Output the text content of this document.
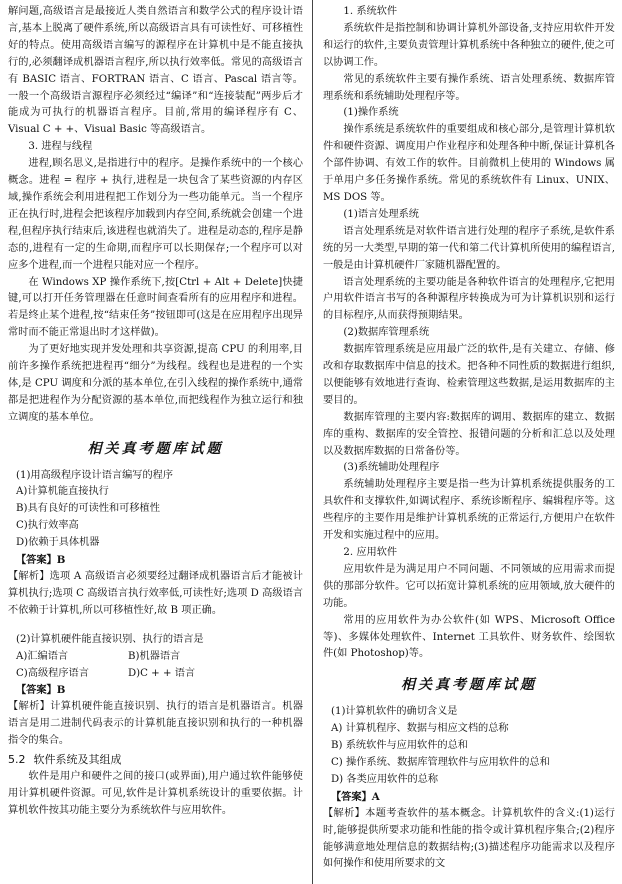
解问题,高级语言是最接近人类自然语言和数学公式的程序设计语言,基本上脱离了硬件系统,所以高级语言具有可读性好、可移植性好的特点。使用高级语言编写的源程序在计算机中是不能直接执行的,必须翻译成机器语言程序,所以执行效率低。常见的高级语言有 BASIC 语言、FORTRAN 语言、C 语言、Pascal 语言等。一般一个高级语言源程序必须经过“编译”和“连接装配”两步后才能成为可执行的机器语言程序。目前,常用的编译程序有 C、Visual C + +、Visual Basic 等高级语言。

3. 进程与线程

进程,顾名思义,是指进行中的程序。是操作系统中的一个核心概念。进程 = 程序 + 执行,进程是一块包含了某些资源的内存区域,操作系统会利用进程把工作划分为一些功能单元。当一个程序正在执行时,进程会把该程序加载到内存空间,系统就会创建一个进程,但程序执行结束后,该进程也就消失了。进程是动态的,程序是静态的,进程有一定的生命期,而程序可以长期保存;一个程序可以对应多个进程,而一个进程只能对应一个程序。

在 Windows XP 操作系统下,按[Ctrl + Alt + Delete]快捷键,可以打开任务管理器在任意时间查看所有的应用程序和进程。若是终止某个进程,按“结束任务”按钮即可(这是在应用程序出现异常时而不能正常退出时才这样做)。

为了更好地实现并发处理和共享资源,提高 CPU 的利用率,目前许多操作系统把进程再“细分”为线程。线程也是进程的一个实体,是 CPU 调度和分派的基本单位,在引入线程的操作系统中,通常都是把进程作为分配资源的基本单位,而把线程作为独立运行和独立调度的基本单位。

相关真考题库试题

(1)用高级程序设计语言编写的程序

A)计算机能直接执行

B)具有良好的可读性和可移植性

C)执行效率高

D)依赖于具体机器

【答案】B

【解析】选项 A 高级语言必须要经过翻译成机器语言后才能被计算机执行;选项 C 高级语言执行效率低,可读性好;选项 D 高级语言不依赖于计算机,所以可移植性好,故 B 项正确。

(2)计算机硬件能直接识别、执行的语言是

A)汇编语言	B)机器语言
C)高级程序语言	D)C + + 语言

【答案】B

【解析】计算机硬件能直接识别、执行的语言是机器语言。机器语言是用二进制代码表示的计算机能直接识别和执行的一种机器指令的集合。

5.2 软件系统及其组成

软件是用户和硬件之间的接口(或界面),用户通过软件能够使用计算机硬件资源。可见,软件是计算机系统设计的重要依据。计算机软件按其功能主要分为系统软件与应用软件。

1. 系统软件

系统软件是指控制和协调计算机外部设备,支持应用软件开发和运行的软件,主要负责管理计算机系统中各种独立的硬件,使之可以协调工作。

常见的系统软件主要有操作系统、语言处理系统、数据库管理系统和系统辅助处理程序等。

(1)操作系统

操作系统是系统软件的重要组成和核心部分,是管理计算机软件和硬件资源、调度用户作业程序和处理各种中断,保证计算机各个部件协调、有效工作的软件。目前微机上使用的 Windows 属于单用户多任务操作系统。常见的系统软件有 Linux、UNIX、MS DOS 等。

(1)语言处理系统

语言处理系统是对软件语言进行处理的程序子系统,是软件系统的另一大类型,早期的第一代和第二代计算机所使用的编程语言,一般是由计算机硬件厂家随机器配置的。

语言处理系统的主要功能是各种软件语言的处理程序,它把用户用软件语言书写的各种源程序转换成为可为计算机识别和运行的目标程序,从而获得预期结果。

(2)数据库管理系统

数据库管理系统是应用最广泛的软件,是有关建立、存储、修改和存取数据库中信息的技术。把各种不同性质的数据进行组织,以便能够有效地进行查询、检索管理这些数据,是运用数据库的主要目的。

数据库管理的主要内容:数据库的调用、数据库的建立、数据库的重构、数据库的安全管控、报错问题的分析和汇总以及处理以及数据库数据的日常备份等。

(3)系统辅助处理程序

系统辅助处理程序主要是指一些为计算机系统提供服务的工具软件和支撑软件,如调试程序、系统诊断程序、编辑程序等。这些程序的主要作用是维护计算机系统的正常运行,方便用户在软件开发和实施过程中的应用。

2. 应用软件

应用软件是为满足用户不同问题、不同领域的应用需求而提供的那部分软件。它可以拓宽计算机系统的应用领域,放大硬件的功能。

常用的应用软件为办公软件(如 WPS、Microsoft Office 等)、多媒体处理软件、Internet 工具软件、财务软件、绘图软件(如 Photoshop)等。

相关真考题库试题

(1)计算机软件的确切含义是

A) 计算机程序、数据与相应文档的总称

B) 系统软件与应用软件的总和

C) 操作系统、数据库管理软件与应用软件的总和

D) 各类应用软件的总称

【答案】A

【解析】本题考查软件的基本概念。计算机软件的含义:(1)运行时,能够提供所要求功能和性能的指令或计算机程序集合;(2)程序能够满意地处理信息的数据结构;(3)描述程序功能需求以及程序如何操作和使用所要求的文
